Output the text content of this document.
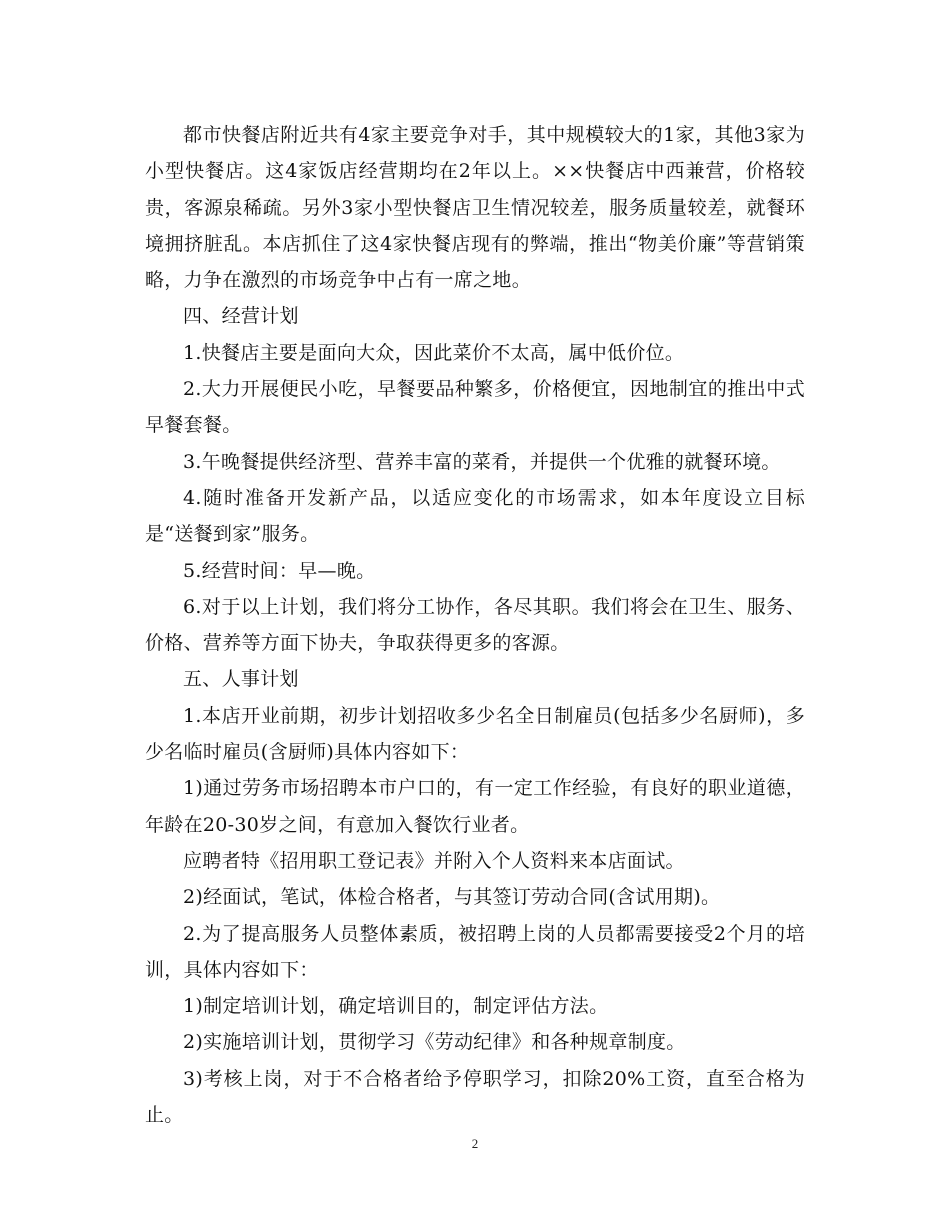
都市快餐店附近共有4家主要竞争对手，其中规模较大的1家，其他3家为小型快餐店。这4家饭店经营期均在2年以上。××快餐店中西兼营，价格较贵，客源泉稀疏。另外3家小型快餐店卫生情况较差，服务质量较差，就餐环境拥挤脏乱。本店抓住了这4家快餐店现有的弊端，推出“物美价廉”等营销策略，力争在激烈的市场竞争中占有一席之地。

四、经营计划

1.快餐店主要是面向大众，因此菜价不太高，属中低价位。

2.大力开展便民小吃，早餐要品种繁多，价格便宜，因地制宜的推出中式早餐套餐。

3.午晚餐提供经济型、营养丰富的菜肴，并提供一个优雅的就餐环境。

4.随时准备开发新产品，以适应变化的市场需求，如本年度设立目标是“送餐到家”服务。

5.经营时间：早—晚。

6.对于以上计划，我们将分工协作，各尽其职。我们将会在卫生、服务、价格、营养等方面下协夫，争取获得更多的客源。

五、人事计划

1.本店开业前期，初步计划招收多少名全日制雇员(包括多少名厨师)，多少名临时雇员(含厨师)具体内容如下：

1)通过劳务市场招聘本市户口的，有一定工作经验，有良好的职业道德，年龄在20-30岁之间，有意加入餐饮行业者。

应聘者特《招用职工登记表》并附入个人资料来本店面试。

2)经面试，笔试，体检合格者，与其签订劳动合同(含试用期)。

2.为了提高服务人员整体素质，被招聘上岗的人员都需要接受2个月的培训，具体内容如下：

1)制定培训计划，确定培训目的，制定评估方法。

2)实施培训计划，贯彻学习《劳动纪律》和各种规章制度。

3)考核上岗，对于不合格者给予停职学习，扣除20%工资，直至合格为止。

2
